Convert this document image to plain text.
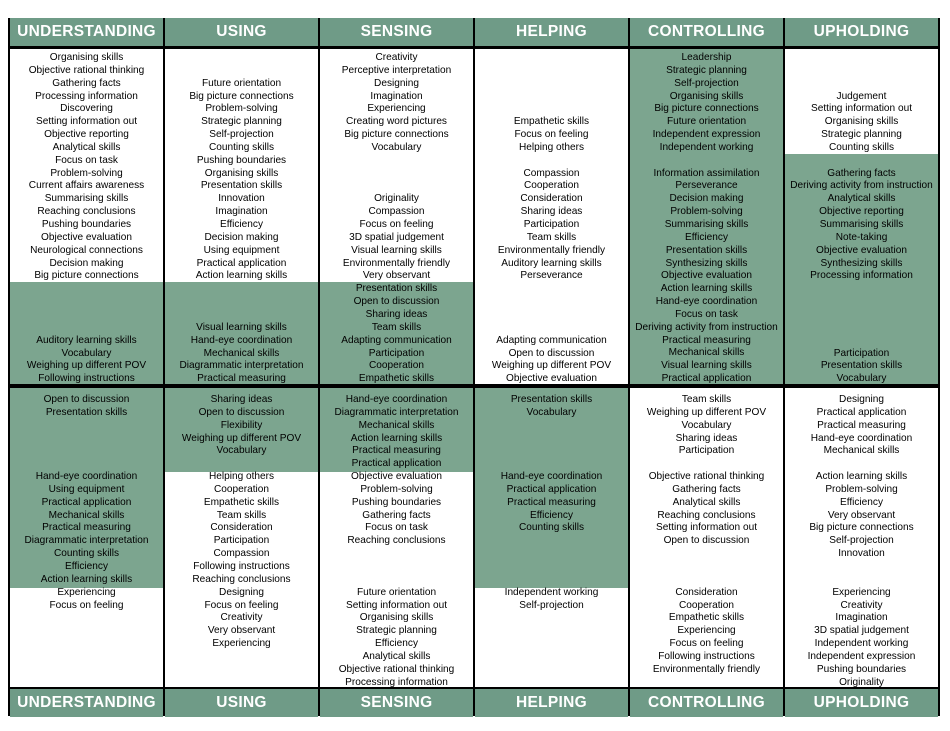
UNDERSTANDING
Organising skills
Objective rational thinking
Gathering facts
Processing information
Discovering
Setting information out
Objective reporting
Analytical skills
Focus on task
Problem-solving
Current affairs awareness
Summarising skills
Reaching conclusions
Pushing boundaries
Objective evaluation
Neurological connections
Decision making
Big picture connections
Auditory learning skills
Vocabulary
Weighing up different POV
Following instructions
Open to discussion
Presentation skills
Hand-eye coordination
Using equipment
Practical application
Mechanical skills
Practical measuring
Diagrammatic interpretation
Counting skills
Efficiency
Action learning skills
Experiencing
Focus on feeling
UNDERSTANDING
USING
Future orientation
Big picture connections
Problem-solving
Strategic planning
Self-projection
Counting skills
Pushing boundaries
Organising skills
Presentation skills
Innovation
Imagination
Efficiency
Decision making
Using equipment
Practical application
Action learning skills
Visual learning skills
Hand-eye coordination
Mechanical skills
Diagrammatic interpretation
Practical measuring
Sharing ideas
Open to discussion
Flexibility
Weighing up different POV
Vocabulary
Helping others
Cooperation
Empathetic skills
Team skills
Consideration
Participation
Compassion
Following instructions
Reaching conclusions
Designing
Focus on feeling
Creativity
Very observant
Experiencing
USING
SENSING
Creativity
Perceptive interpretation
Designing
Imagination
Experiencing
Creating word pictures
Big picture connections
Vocabulary
Originality
Compassion
Focus on feeling
3D spatial judgement
Visual learning skills
Environmentally friendly
Very observant
Presentation skills
Open to discussion
Sharing ideas
Team skills
Adapting communication
Participation
Cooperation
Empathetic skills
Hand-eye coordination
Diagrammatic interpretation
Mechanical skills
Action learning skills
Practical measuring
Practical application
Objective evaluation
Problem-solving
Pushing boundaries
Gathering facts
Focus on task
Reaching conclusions
Future orientation
Setting information out
Organising skills
Strategic planning
Efficiency
Analytical skills
Objective rational thinking
Processing information
SENSING
HELPING
Empathetic skills
Focus on feeling
Helping others
Compassion
Cooperation
Consideration
Sharing ideas
Participation
Team skills
Environmentally friendly
Auditory learning skills
Perseverance
Adapting communication
Open to discussion
Weighing up different POV
Objective evaluation
Presentation skills
Vocabulary
Hand-eye coordination
Practical application
Practical measuring
Efficiency
Counting skills
Independent working
Self-projection
HELPING
CONTROLLING
Leadership
Strategic planning
Self-projection
Organising skills
Big picture connections
Future orientation
Independent expression
Independent working
Information assimilation
Perseverance
Decision making
Problem-solving
Summarising skills
Efficiency
Presentation skills
Synthesizing skills
Objective evaluation
Action learning skills
Hand-eye coordination
Focus on task
Deriving activity from instruction
Practical measuring
Mechanical skills
Visual learning skills
Practical application
Team skills
Weighing up different POV
Vocabulary
Sharing ideas
Participation
Objective rational thinking
Gathering facts
Analytical skills
Reaching conclusions
Setting information out
Open to discussion
Consideration
Cooperation
Empathetic skills
Experiencing
Focus on feeling
Following instructions
Environmentally friendly
CONTROLLING
UPHOLDING
Judgement
Setting information out
Organising skills
Strategic planning
Counting skills
Gathering facts
Deriving activity from instruction
Analytical skills
Objective reporting
Summarising skills
Note-taking
Objective evaluation
Synthesizing skills
Processing information
Participation
Presentation skills
Vocabulary
Designing
Practical application
Practical measuring
Hand-eye coordination
Mechanical skills
Action learning skills
Problem-solving
Efficiency
Very observant
Big picture connections
Self-projection
Innovation
Experiencing
Creativity
Imagination
3D spatial judgement
Independent working
Independent expression
Pushing boundaries
Originality
UPHOLDING
